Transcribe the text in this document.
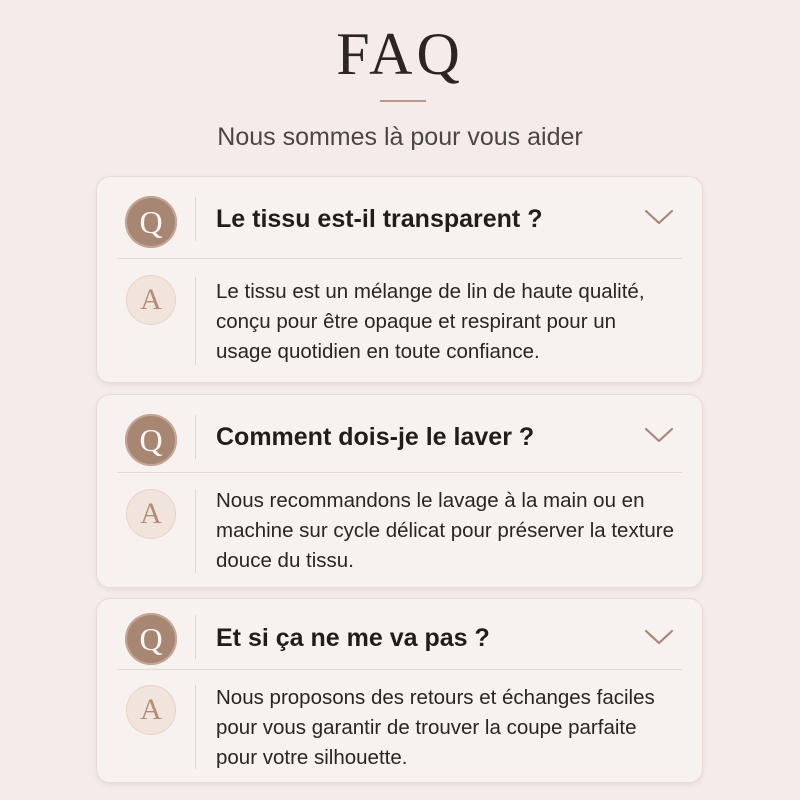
FAQ

Nous sommes là pour vous aider

Q	Le tissu est-il transparent ?
A	Le tissu est un mélange de lin de haute qualité, conçu pour être opaque et respirant pour un usage quotidien en toute confiance.
Q	Comment dois-je le laver ?
A	Nous recommandons le lavage à la main ou en machine sur cycle délicat pour préserver la texture douce du tissu.
Q	Et si ça ne me va pas ?
A	Nous proposons des retours et échanges faciles pour vous garantir de trouver la coupe parfaite pour votre silhouette.
